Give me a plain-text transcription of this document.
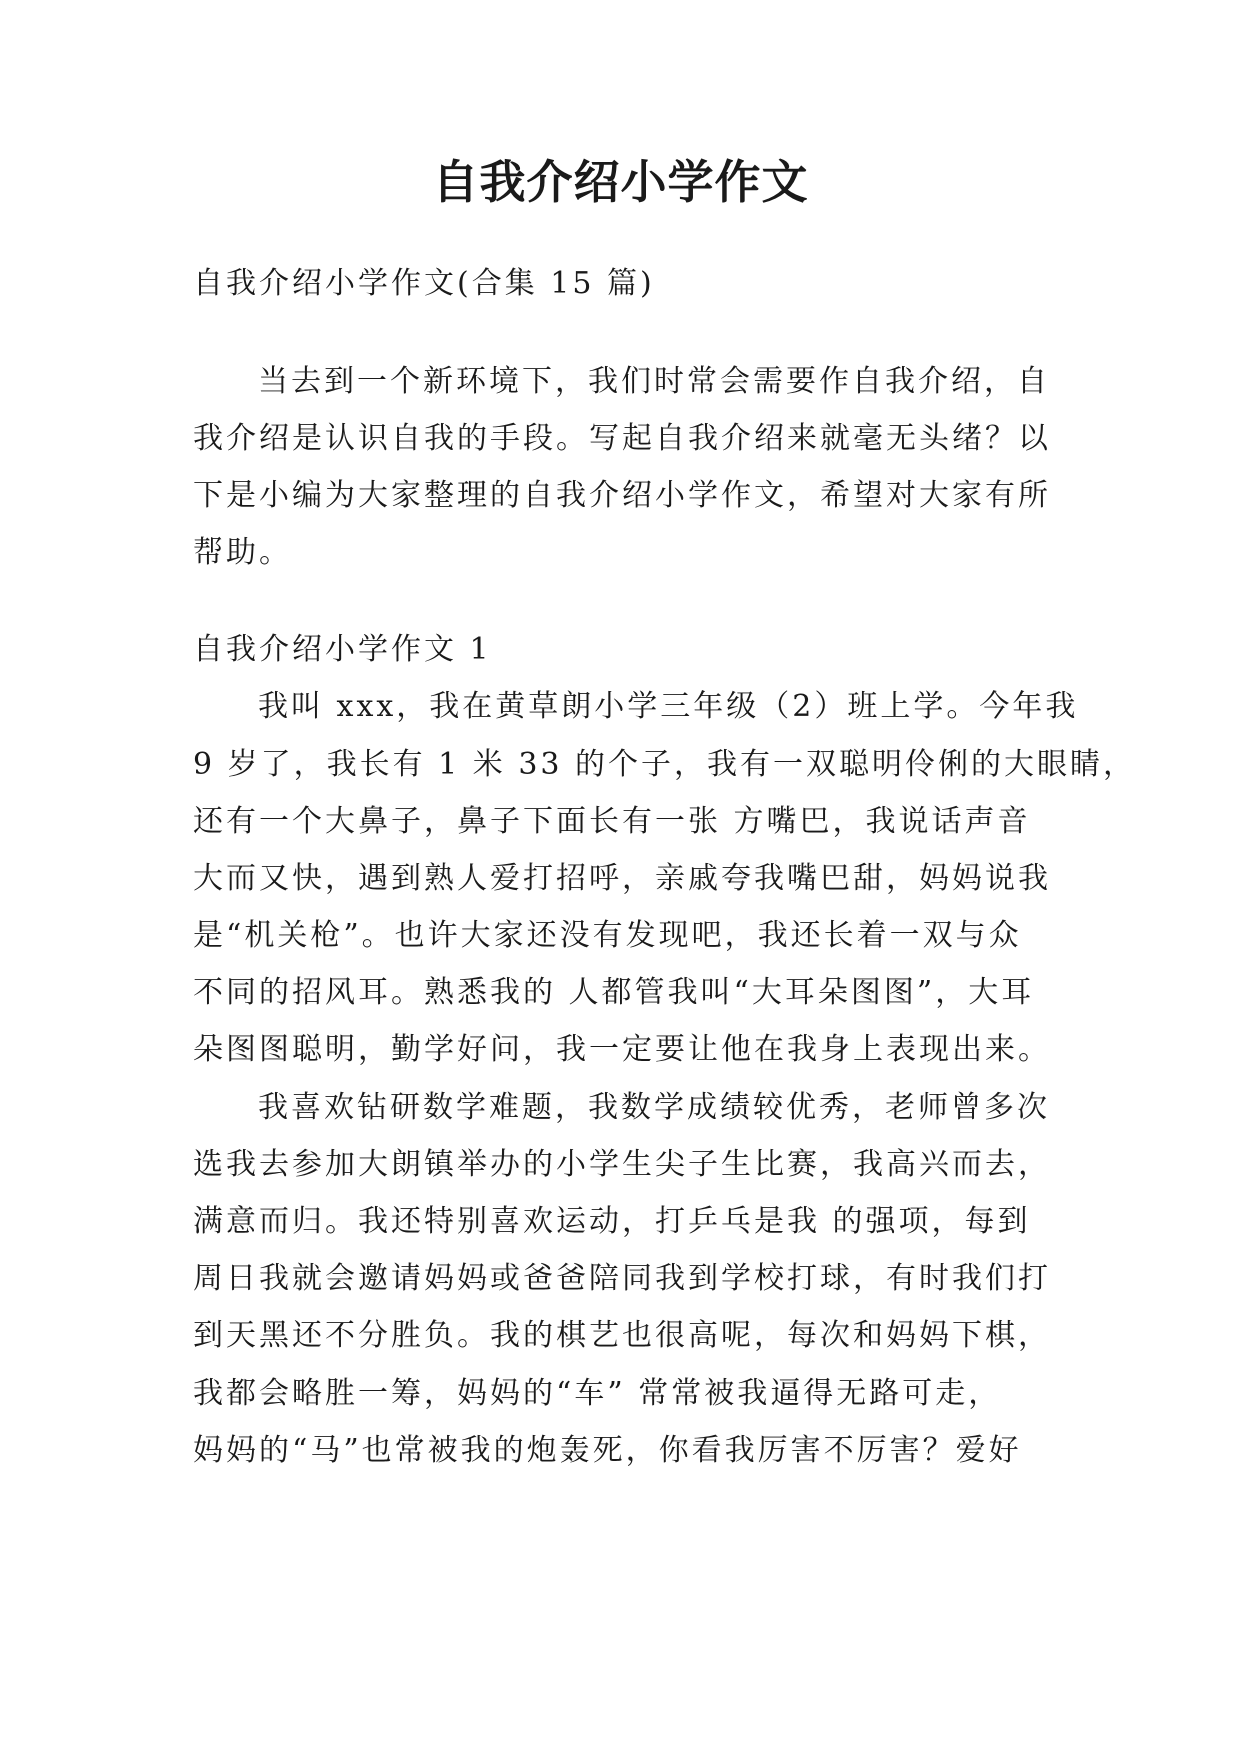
自我介绍小学作文
自我介绍小学作文(合集 15 篇)
当去到一个新环境下，我们时常会需要作自我介绍，自
我介绍是认识自我的手段。写起自我介绍来就毫无头绪？以
下是小编为大家整理的自我介绍小学作文，希望对大家有所
帮助。
自我介绍小学作文 1
我叫 xxx，我在黄草朗小学三年级（2）班上学。今年我
9 岁了，我长有 1 米 33 的个子，我有一双聪明伶俐的大眼睛，
还有一个大鼻子，鼻子下面长有一张 方嘴巴，我说话声音
大而又快，遇到熟人爱打招呼，亲戚夸我嘴巴甜，妈妈说我
是“机关枪”。也许大家还没有发现吧，我还长着一双与众
不同的招风耳。熟悉我的 人都管我叫“大耳朵图图”，大耳
朵图图聪明，勤学好问，我一定要让他在我身上表现出来。
我喜欢钻研数学难题，我数学成绩较优秀，老师曾多次
选我去参加大朗镇举办的小学生尖子生比赛，我高兴而去，
满意而归。我还特别喜欢运动，打乒乓是我 的强项，每到
周日我就会邀请妈妈或爸爸陪同我到学校打球，有时我们打
到天黑还不分胜负。我的棋艺也很高呢，每次和妈妈下棋，
我都会略胜一筹，妈妈的“车” 常常被我逼得无路可走，
妈妈的“马”也常被我的炮轰死，你看我厉害不厉害？爱好
